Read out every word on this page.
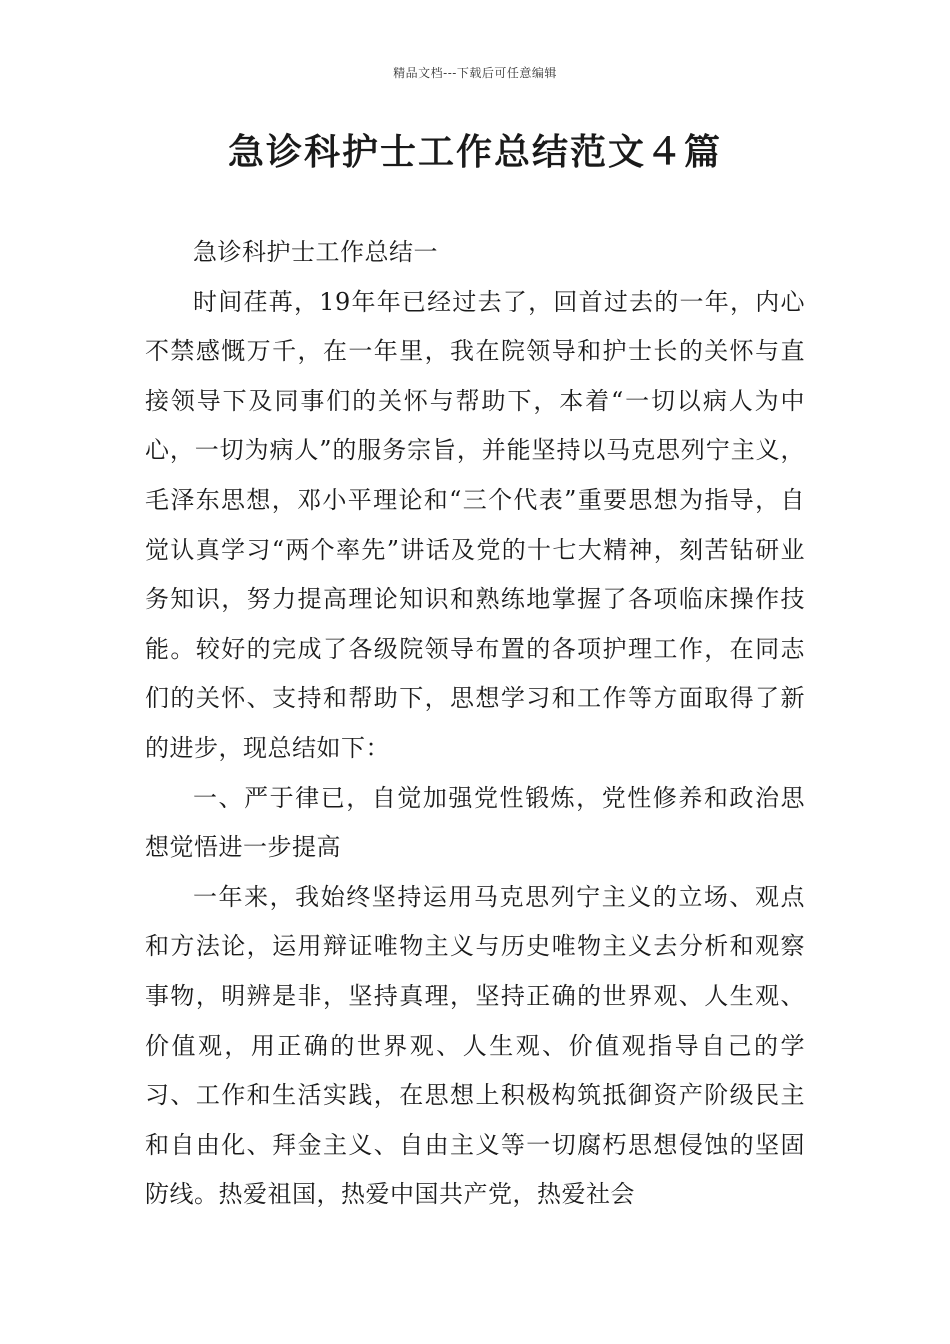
精品文档---下载后可任意编辑
急诊科护士工作总结范文４篇

急诊科护士工作总结一

时间荏苒，19年年已经过去了，回首过去的一年，内心不禁感慨万千，在一年里，我在院领导和护士长的关怀与直接领导下及同事们的关怀与帮助下，本着“一切以病人为中心，一切为病人”的服务宗旨，并能坚持以马克思列宁主义，毛泽东思想，邓小平理论和“三个代表”重要思想为指导，自觉认真学习“两个率先”讲话及党的十七大精神，刻苦钻研业务知识，努力提高理论知识和熟练地掌握了各项临床操作技能。较好的完成了各级院领导布置的各项护理工作，在同志们的关怀、支持和帮助下，思想学习和工作等方面取得了新的进步，现总结如下：

一、严于律已，自觉加强党性锻炼，党性修养和政治思想觉悟进一步提高

一年来，我始终坚持运用马克思列宁主义的立场、观点和方法论，运用辩证唯物主义与历史唯物主义去分析和观察事物，明辨是非，坚持真理，坚持正确的世界观、人生观、价值观，用正确的世界观、人生观、价值观指导自己的学习、工作和生活实践，在思想上积极构筑抵御资产阶级民主和自由化、拜金主义、自由主义等一切腐朽思想侵蚀的坚固防线。热爱祖国，热爱中国共产党，热爱社会
